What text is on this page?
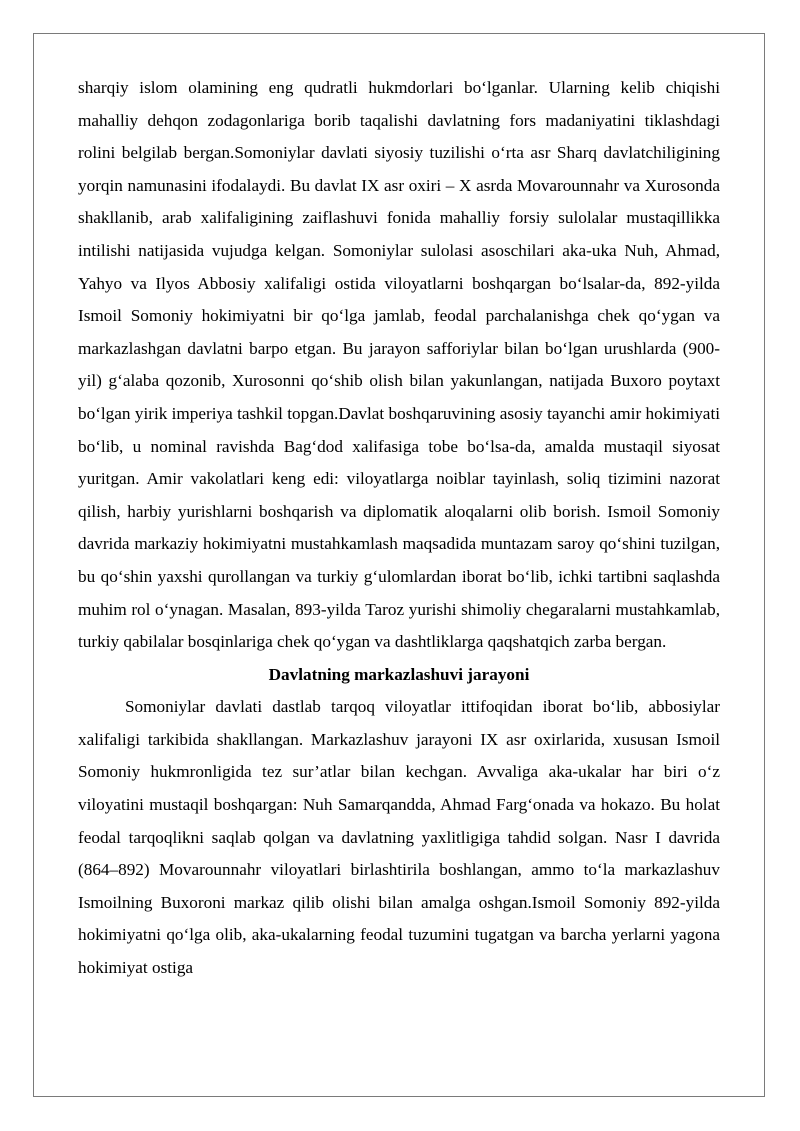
sharqiy islom olamining eng qudratli hukmdorlari bo‘lganlar. Ularning kelib chiqishi mahalliy dehqon zodagonlariga borib taqalishi davlatning fors madaniyatini tiklashdagi rolini belgilab bergan.Somoniylar davlati siyosiy tuzilishi o‘rta asr Sharq davlatchiligining yorqin namunasini ifodalaydi. Bu davlat IX asr oxiri – X asrda Movarounnahr va Xurosonda shakllanib, arab xalifaligining zaiflashuvi fonida mahalliy forsiy sulolalar mustaqillikka intilishi natijasida vujudga kelgan. Somoniylar sulolasi asoschilari aka-uka Nuh, Ahmad, Yahyo va Ilyos Abbosiy xalifaligi ostida viloyatlarni boshqargan bo‘lsalar-da, 892-yilda Ismoil Somoniy hokimiyatni bir qo‘lga jamlab, feodal parchalanishga chek qo‘ygan va markazlashgan davlatni barpo etgan. Bu jarayon safforiylar bilan bo‘lgan urushlarda (900-yil) g‘alaba qozonib, Xurosonni qo‘shib olish bilan yakunlangan, natijada Buxoro poytaxt bo‘lgan yirik imperiya tashkil topgan.Davlat boshqaruvining asosiy tayanchi amir hokimiyati bo‘lib, u nominal ravishda Bag‘dod xalifasiga tobe bo‘lsa-da, amalda mustaqil siyosat yuritgan. Amir vakolatlari keng edi: viloyatlarga noiblar tayinlash, soliq tizimini nazorat qilish, harbiy yurishlarni boshqarish va diplomatik aloqalarni olib borish. Ismoil Somoniy davrida markaziy hokimiyatni mustahkamlash maqsadida muntazam saroy qo‘shini tuzilgan, bu qo‘shin yaxshi qurollangan va turkiy g‘ulomlardan iborat bo‘lib, ichki tartibni saqlashda muhim rol o‘ynagan. Masalan, 893-yilda Taroz yurishi shimoliy chegaralarni mustahkamlab, turkiy qabilalar bosqinlariga chek qo‘ygan va dashtliklarga qaqshatqich zarba bergan.

Davlatning markazlashuvi jarayoni

Somoniylar davlati dastlab tarqoq viloyatlar ittifoqidan iborat bo‘lib, abbosiylar xalifaligi tarkibida shakllangan. Markazlashuv jarayoni IX asr oxirlarida, xususan Ismoil Somoniy hukmronligida tez sur’atlar bilan kechgan. Avvaliga aka-ukalar har biri o‘z viloyatini mustaqil boshqargan: Nuh Samarqandda, Ahmad Farg‘onada va hokazo. Bu holat feodal tarqoqlikni saqlab qolgan va davlatning yaxlitligiga tahdid solgan. Nasr I davrida (864–892) Movarounnahr viloyatlari birlashtirila boshlangan, ammo to‘la markazlashuv Ismoilning Buxoroni markaz qilib olishi bilan amalga oshgan.Ismoil Somoniy 892-yilda hokimiyatni qo‘lga olib, aka-ukalarning feodal tuzumini tugatgan va barcha yerlarni yagona hokimiyat ostiga
